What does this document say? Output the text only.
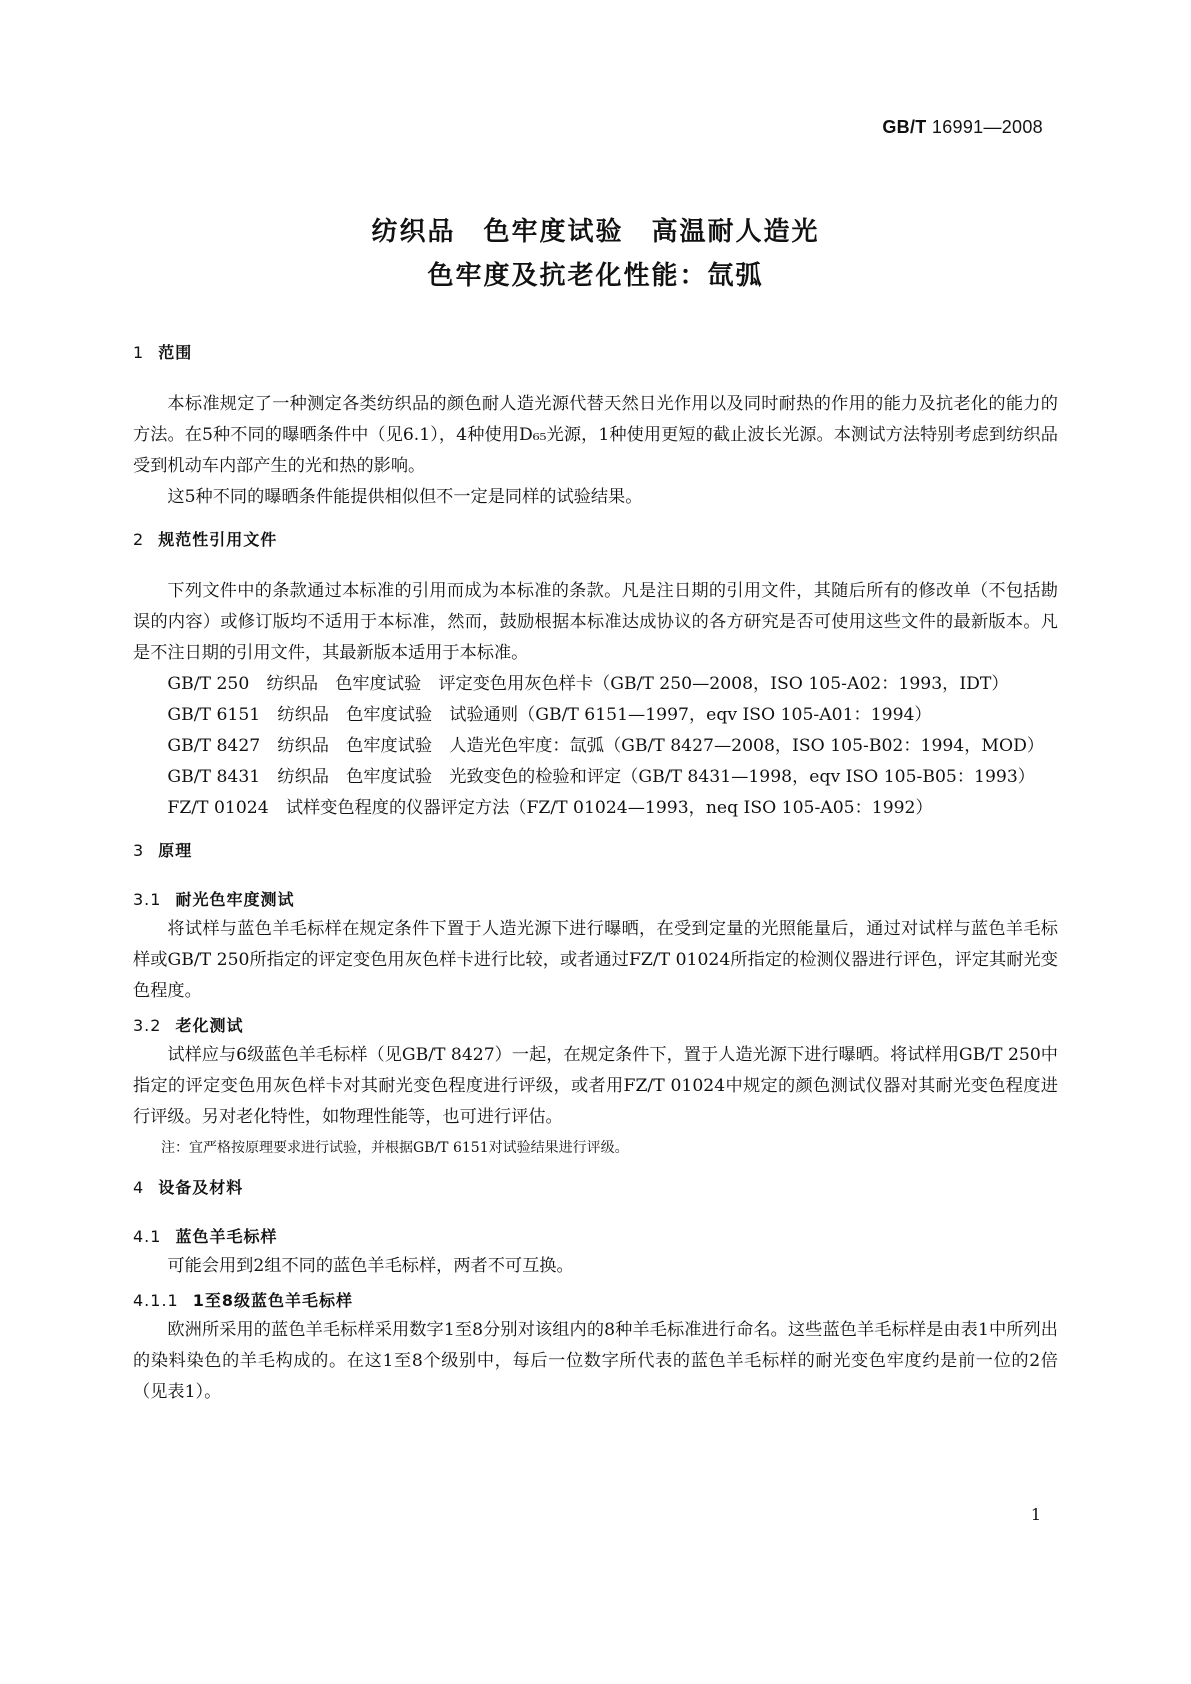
GB/T 16991—2008
纺织品　色牢度试验　高温耐人造光
色牢度及抗老化性能：氙弧
1 范围

本标准规定了一种测定各类纺织品的颜色耐人造光源代替天然日光作用以及同时耐热的作用的能力及抗老化的能力的方法。在5种不同的曝晒条件中（见6.1），4种使用D₆₅光源，1种使用更短的截止波长光源。本测试方法特别考虑到纺织品受到机动车内部产生的光和热的影响。

这5种不同的曝晒条件能提供相似但不一定是同样的试验结果。

2 规范性引用文件

下列文件中的条款通过本标准的引用而成为本标准的条款。凡是注日期的引用文件，其随后所有的修改单（不包括勘误的内容）或修订版均不适用于本标准，然而，鼓励根据本标准达成协议的各方研究是否可使用这些文件的最新版本。凡是不注日期的引用文件，其最新版本适用于本标准。

GB/T 250　纺织品　色牢度试验　评定变色用灰色样卡（GB/T 250—2008，ISO 105-A02：1993，IDT）

GB/T 6151　纺织品　色牢度试验　试验通则（GB/T 6151—1997，eqv ISO 105-A01：1994）

GB/T 8427　纺织品　色牢度试验　人造光色牢度：氙弧（GB/T 8427—2008，ISO 105-B02：1994，MOD）

GB/T 8431　纺织品　色牢度试验　光致变色的检验和评定（GB/T 8431—1998，eqv ISO 105-B05：1993）

FZ/T 01024　试样变色程度的仪器评定方法（FZ/T 01024—1993，neq ISO 105-A05：1992）

3 原理
3.1 耐光色牢度测试

将试样与蓝色羊毛标样在规定条件下置于人造光源下进行曝晒，在受到定量的光照能量后，通过对试样与蓝色羊毛标样或GB/T 250所指定的评定变色用灰色样卡进行比较，或者通过FZ/T 01024所指定的检测仪器进行评色，评定其耐光变色程度。

3.2 老化测试

试样应与6级蓝色羊毛标样（见GB/T 8427）一起，在规定条件下，置于人造光源下进行曝晒。将试样用GB/T 250中指定的评定变色用灰色样卡对其耐光变色程度进行评级，或者用FZ/T 01024中规定的颜色测试仪器对其耐光变色程度进行评级。另对老化特性，如物理性能等，也可进行评估。

注：宜严格按原理要求进行试验，并根据GB/T 6151对试验结果进行评级。

4 设备及材料
4.1 蓝色羊毛标样

可能会用到2组不同的蓝色羊毛标样，两者不可互换。

4.1.1 1至8级蓝色羊毛标样

欧洲所采用的蓝色羊毛标样采用数字1至8分别对该组内的8种羊毛标准进行命名。这些蓝色羊毛标样是由表1中所列出的染料染色的羊毛构成的。在这1至8个级别中，每后一位数字所代表的蓝色羊毛标样的耐光变色牢度约是前一位的2倍（见表1）。

1
